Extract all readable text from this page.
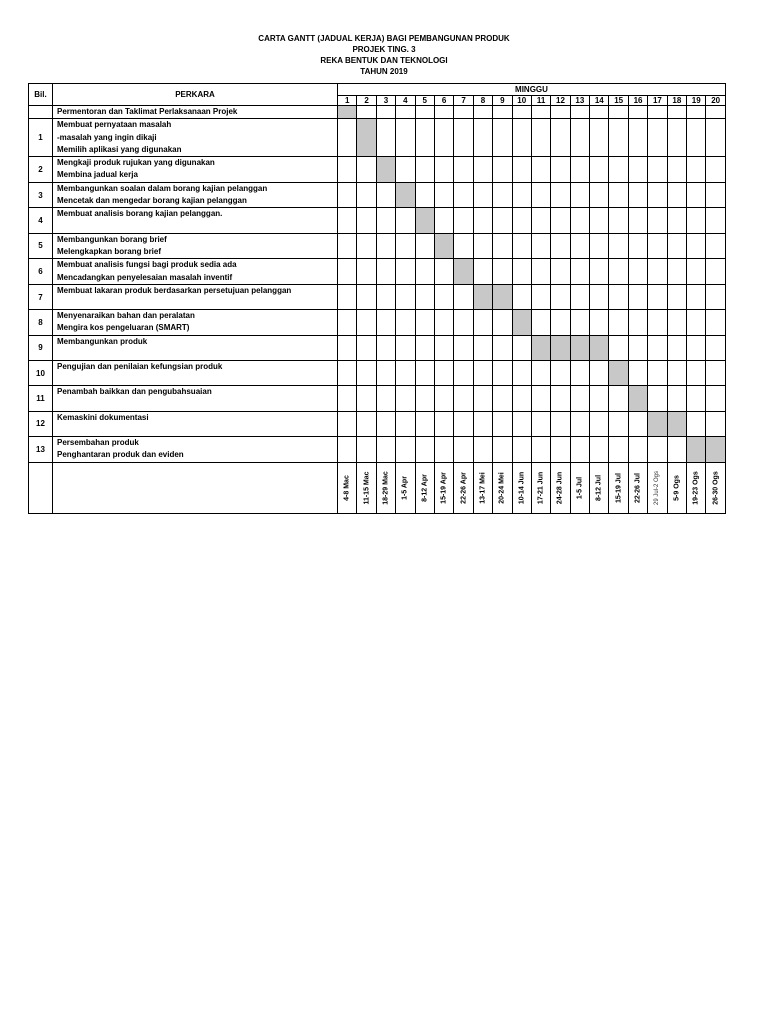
CARTA GANTT (JADUAL KERJA) BAGI PEMBANGUNAN PRODUK
PROJEK TING. 3
REKA BENTUK DAN TEKNOLOGI
TAHUN 2019
Bil.	PERKARA	MINGGU																			
		1	2	3	4	5	6	7	8	9	10	11	12	13	14	15	16	17	18	19	20

	Permentoran dan Taklimat Perlaksanaan Projek																				

1	Membuat pernyataan masalah
-masalah yang ingin dikaji
Memilih aplikasi yang digunakan																				

2	Mengkaji produk rujukan yang digunakan
Membina jadual kerja																				

3	Membangunkan soalan dalam borang kajian pelanggan
Mencetak dan mengedar borang kajian pelanggan																				

4	Membuat analisis borang kajian pelanggan.																				

5	Membangunkan borang brief
Melengkapkan borang brief																				

6	Membuat analisis fungsi bagi produk sedia ada
Mencadangkan penyelesaian masalah inventif																				

7	Membuat lakaran produk berdasarkan persetujuan pelanggan																				

8	Menyenaraikan bahan dan peralatan
Mengira kos pengeluaran (SMART)																				

9	Membangunkan produk																				

10	Pengujian dan penilaian kefungsian produk																				

11	Penambah baikkan dan pengubahsuaian																				

12	Kemaskini dokumentasi																				

13	Persembahan produk
Penghantaran produk dan eviden																				

		4-8 Mac	11-15 Mac	18-29 Mac	1-5 Apr	8-12 Apr	15-19 Apr	22-26 Apr	13-17 Mei	20-24 Mei	10-14 Jun	17-21 Jun	24-28 Jun	1-5 Jul	8-12 Jul	15-19 Jul	22-26 Jul	29 Jul-2 Ogs	5-9 Ogs	19-23 Ogs	26-30 Ogs
